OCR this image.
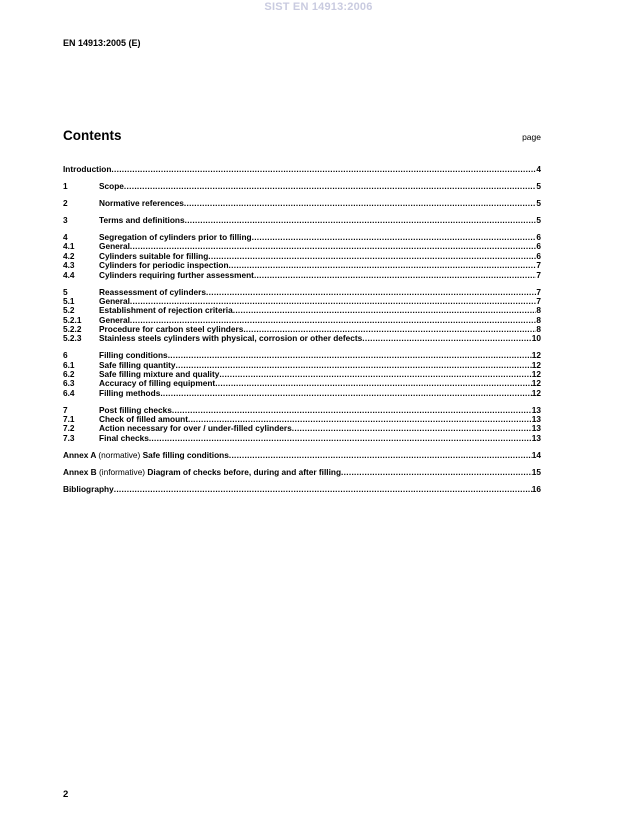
SIST EN 14913:2006
EN 14913:2005 (E)
Contents	page
Introduction .....	4
1	Scope .....	5
2	Normative references .....	5
3	Terms and definitions .....	5
4	Segregation of cylinders prior to filling .....	6
4.1	General .....	6
4.2	Cylinders suitable for filling .....	6
4.3	Cylinders for periodic inspection .....	7
4.4	Cylinders requiring further assessment .....	7
5	Reassessment of cylinders .....	7
5.1	General .....	7
5.2	Establishment of rejection criteria .....	8
5.2.1	General .....	8
5.2.2	Procedure for carbon steel cylinders .....	8
5.2.3	Stainless steels cylinders with physical, corrosion or other defects .....	10
6	Filling conditions .....	12
6.1	Safe filling quantity .....	12
6.2	Safe filling mixture and quality .....	12
6.3	Accuracy of filling equipment .....	12
6.4	Filling methods .....	12
7	Post filling checks .....	13
7.1	Check of filled amount .....	13
7.2	Action necessary for over / under-filled cylinders .....	13
7.3	Final checks .....	13
Annex A (normative) Safe filling conditions .....	14
Annex B (informative) Diagram of checks before, during and after filling .....	15
Bibliography .....	16
2
